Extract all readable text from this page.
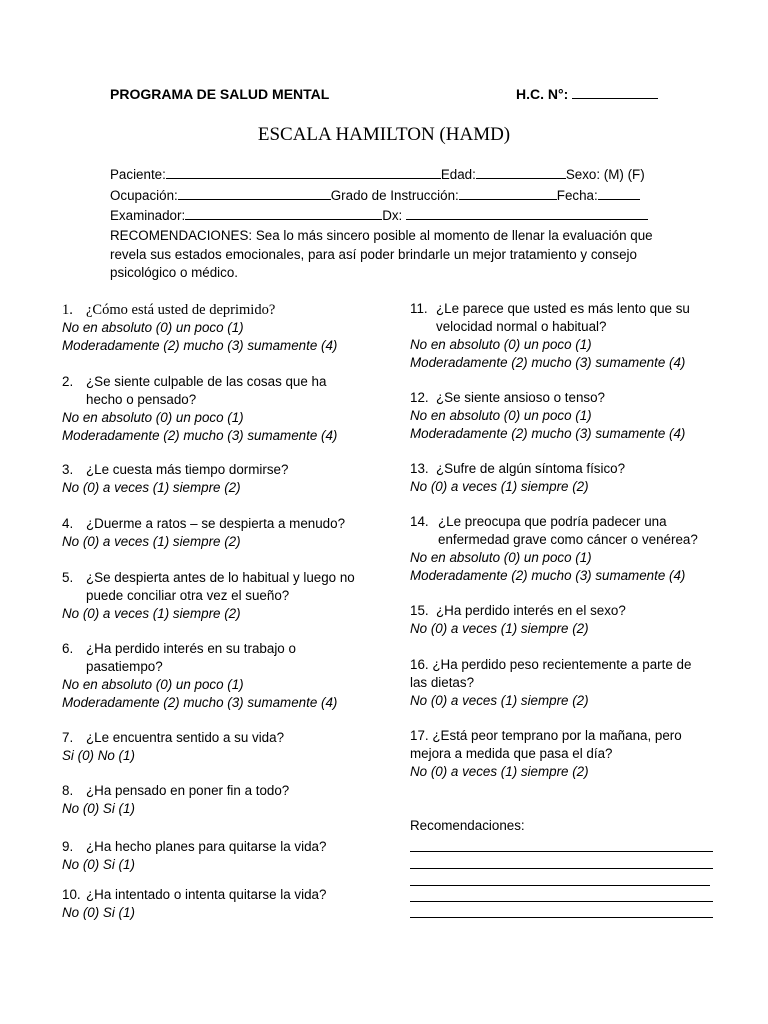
PROGRAMA DE SALUD MENTAL	H.C. N°:
ESCALA HAMILTON (HAMD)
Paciente:	Edad:	Sexo: (M) (F)
Ocupación:	Grado de Instrucción:	Fecha:
Examinador:	Dx:
RECOMENDACIONES: Sea lo más sincero posible al momento de llenar la evaluación que revela sus estados emocionales, para así poder brindarle un mejor tratamiento y consejo psicológico o médico.
1. ¿Cómo está usted de deprimido?
No en absoluto (0) un poco (1)
Moderadamente (2) mucho (3) sumamente (4)
2. ¿Se siente culpable de las cosas que ha hecho o pensado?
No en absoluto (0) un poco (1)
Moderadamente (2) mucho (3) sumamente (4)
3. ¿Le cuesta más tiempo dormirse?
No (0) a veces (1) siempre (2)
4. ¿Duerme a ratos – se despierta a menudo?
No (0) a veces (1) siempre (2)
5. ¿Se despierta antes de lo habitual y luego no puede conciliar otra vez el sueño?
No (0) a veces (1) siempre (2)
6. ¿Ha perdido interés en su trabajo o pasatiempo?
No en absoluto (0) un poco (1)
Moderadamente (2) mucho (3) sumamente (4)
7. ¿Le encuentra sentido a su vida?
Si (0) No (1)
8. ¿Ha pensado en poner fin a todo?
No (0) Si (1)
9. ¿Ha hecho planes para quitarse la vida?
No (0) Si (1)
10. ¿Ha intentado o intenta quitarse la vida?
No (0) Si (1)
11. ¿Le parece que usted es más lento que su velocidad normal o habitual?
No en absoluto (0) un poco (1)
Moderadamente (2) mucho (3) sumamente (4)
12. ¿Se siente ansioso o tenso?
No en absoluto (0) un poco (1)
Moderadamente (2) mucho (3) sumamente (4)
13. ¿Sufre de algún síntoma físico?
No (0) a veces (1) siempre (2)
14. ¿Le preocupa que podría padecer una enfermedad grave como cáncer o venérea?
No en absoluto (0) un poco (1)
Moderadamente (2) mucho (3) sumamente (4)
15. ¿Ha perdido interés en el sexo?
No (0) a veces (1) siempre (2)
16. ¿Ha perdido peso recientemente a parte de las dietas?
No (0) a veces (1) siempre (2)
17. ¿Está peor temprano por la mañana, pero mejora a medida que pasa el día?
No (0) a veces (1) siempre (2)
Recomendaciones:
